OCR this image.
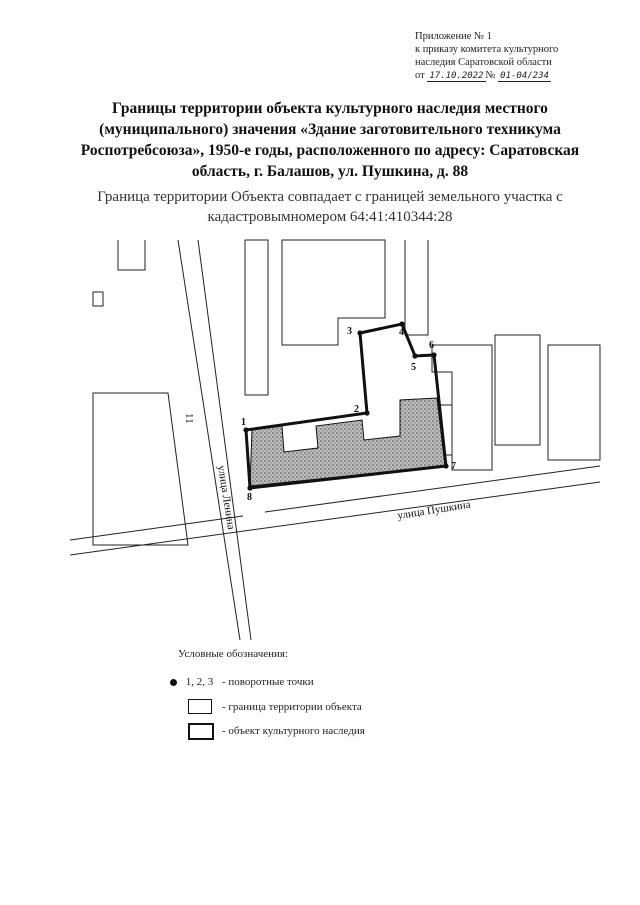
Приложение № 1
к приказу комитета культурного
наследия Саратовской области
от 17.10.2022 № 01-04/234
Границы территории объекта культурного наследия местного (муниципального) значения «Здание заготовительного техникума Роспотребсоюза», 1950-е годы, расположенного по адресу: Саратовская область, г. Балашов, ул. Пушкина, д. 88
Граница территории Объекта совпадает с границей земельного участка с кадастровымномером 64:41:410344:28
1
2
3	4
5
6
7
8
улица Ленина	улица Пушкина
11
Условные обозначения:
1, 2, 3 - поворотные точки
- граница территории объекта
- объект культурного наследия
